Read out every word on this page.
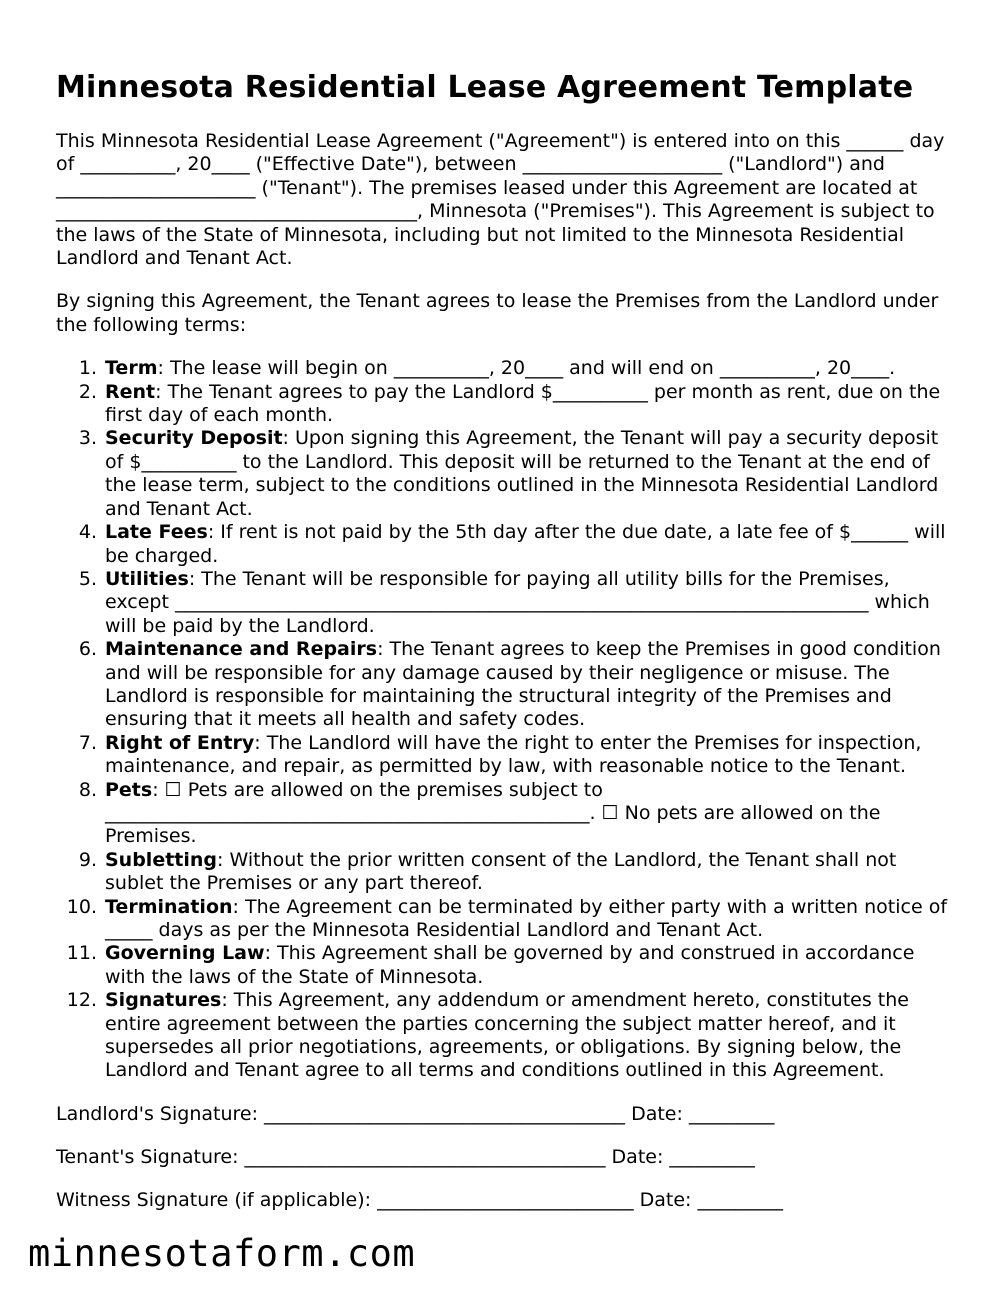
Minnesota Residential Lease Agreement Template

This Minnesota Residential Lease Agreement ("Agreement") is entered into on this ______ day of __________, 20____ ("Effective Date"), between _____________________ ("Landlord") and _____________________ ("Tenant"). The premises leased under this Agreement are located at ______________________________________, Minnesota ("Premises"). This Agreement is subject to the laws of the State of Minnesota, including but not limited to the Minnesota Residential Landlord and Tenant Act.

By signing this Agreement, the Tenant agrees to lease the Premises from the Landlord under the following terms:

1. Term: The lease will begin on __________, 20____ and will end on __________, 20____.
2. Rent: The Tenant agrees to pay the Landlord $__________ per month as rent, due on the first day of each month.
3. Security Deposit: Upon signing this Agreement, the Tenant will pay a security deposit of $__________ to the Landlord. This deposit will be returned to the Tenant at the end of the lease term, subject to the conditions outlined in the Minnesota Residential Landlord and Tenant Act.
4. Late Fees: If rent is not paid by the 5th day after the due date, a late fee of $______ will be charged.
5. Utilities: The Tenant will be responsible for paying all utility bills for the Premises, except _________________________________________________________________________ which will be paid by the Landlord.
6. Maintenance and Repairs: The Tenant agrees to keep the Premises in good condition and will be responsible for any damage caused by their negligence or misuse. The Landlord is responsible for maintaining the structural integrity of the Premises and ensuring that it meets all health and safety codes.
7. Right of Entry: The Landlord will have the right to enter the Premises for inspection, maintenance, and repair, as permitted by law, with reasonable notice to the Tenant.
8. Pets: ☐ Pets are allowed on the premises subject to ___________________________________________________. ☐ No pets are allowed on the Premises.
9. Subletting: Without the prior written consent of the Landlord, the Tenant shall not sublet the Premises or any part thereof.
10. Termination: The Agreement can be terminated by either party with a written notice of _____ days as per the Minnesota Residential Landlord and Tenant Act.
11. Governing Law: This Agreement shall be governed by and construed in accordance with the laws of the State of Minnesota.
12. Signatures: This Agreement, any addendum or amendment hereto, constitutes the entire agreement between the parties concerning the subject matter hereof, and it supersedes all prior negotiations, agreements, or obligations. By signing below, the Landlord and Tenant agree to all terms and conditions outlined in this Agreement.
Landlord's Signature: ______________________________________ Date: _________
Tenant's Signature: ______________________________________ Date: _________
Witness Signature (if applicable): ___________________________ Date: _________
minnesotaform.com
